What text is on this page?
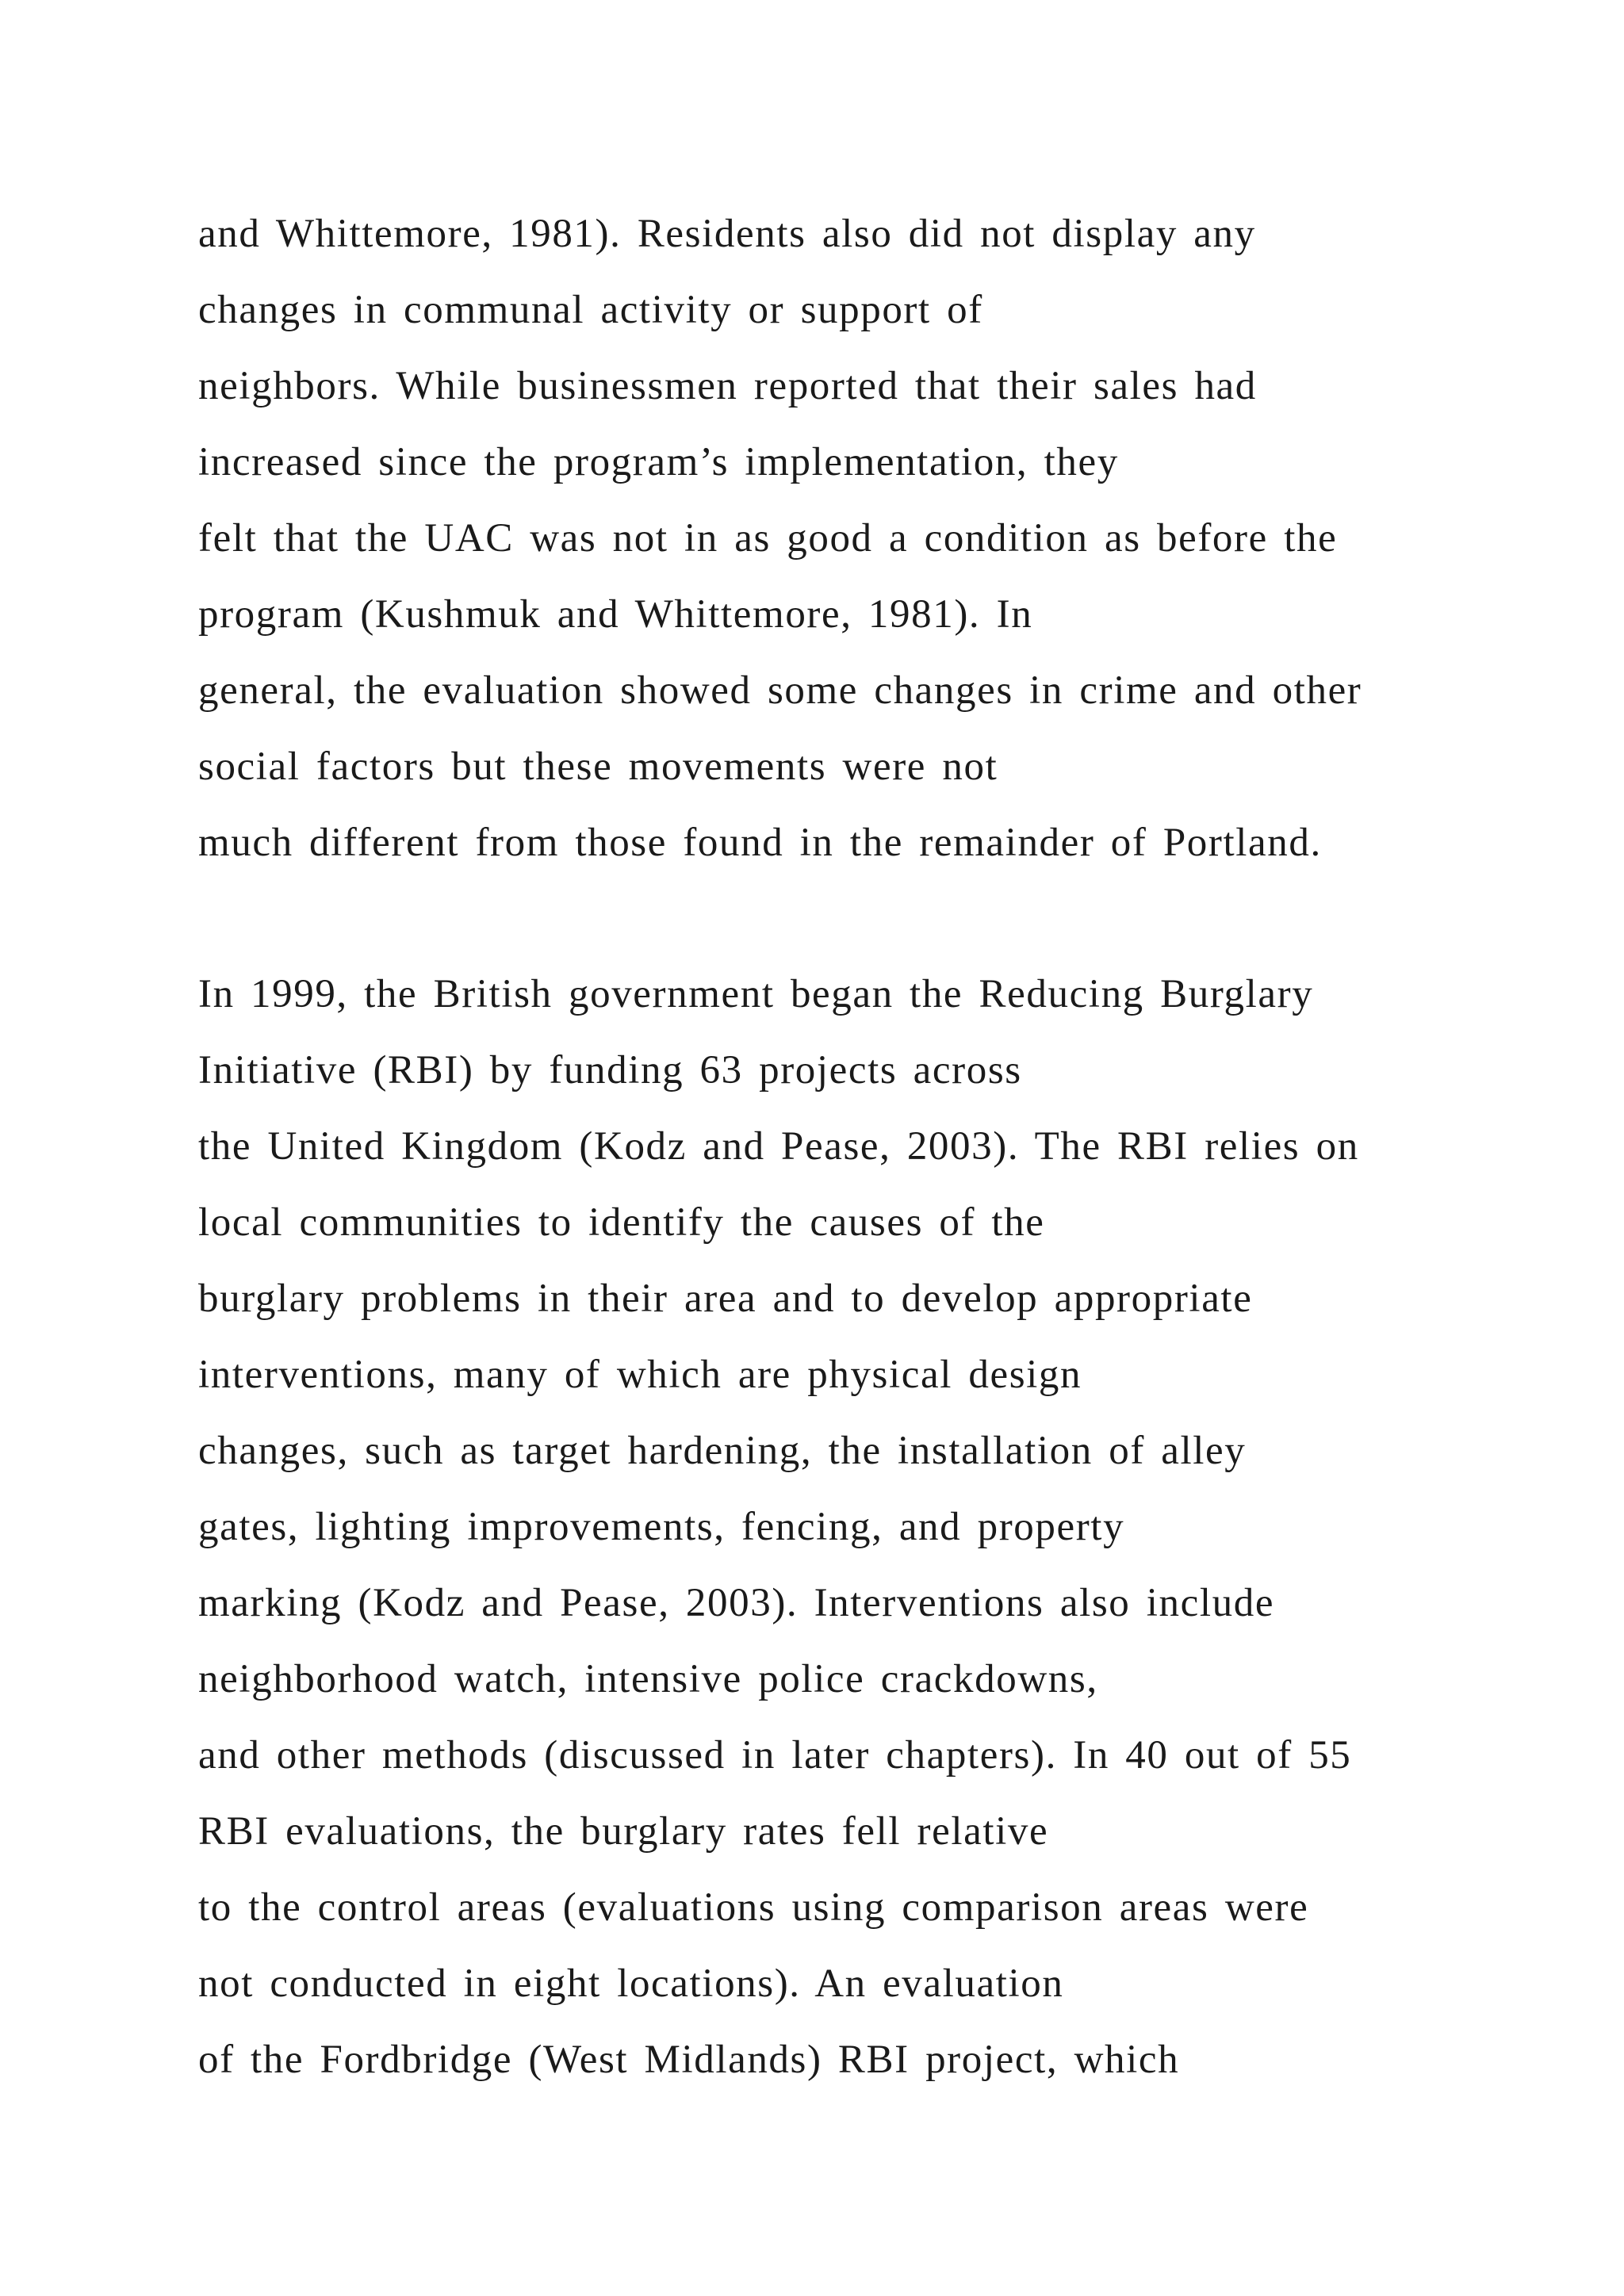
and Whittemore, 1981). Residents also did not display any
changes in communal activity or support of
neighbors. While businessmen reported that their sales had
increased since the program’s implementation, they
felt that the UAC was not in as good a condition as before the
program (Kushmuk and Whittemore, 1981). In
general, the evaluation showed some changes in crime and other
social factors but these movements were not
much different from those found in the remainder of Portland.
In 1999, the British government began the Reducing Burglary
Initiative (RBI) by funding 63 projects across
the United Kingdom (Kodz and Pease, 2003). The RBI relies on
local communities to identify the causes of the
burglary problems in their area and to develop appropriate
interventions, many of which are physical design
changes, such as target hardening, the installation of alley
gates, lighting improvements, fencing, and property
marking (Kodz and Pease, 2003). Interventions also include
neighborhood watch, intensive police crackdowns,
and other methods (discussed in later chapters). In 40 out of 55
RBI evaluations, the burglary rates fell relative
to the control areas (evaluations using comparison areas were
not conducted in eight locations). An evaluation
of the Fordbridge (West Midlands) RBI project, which
